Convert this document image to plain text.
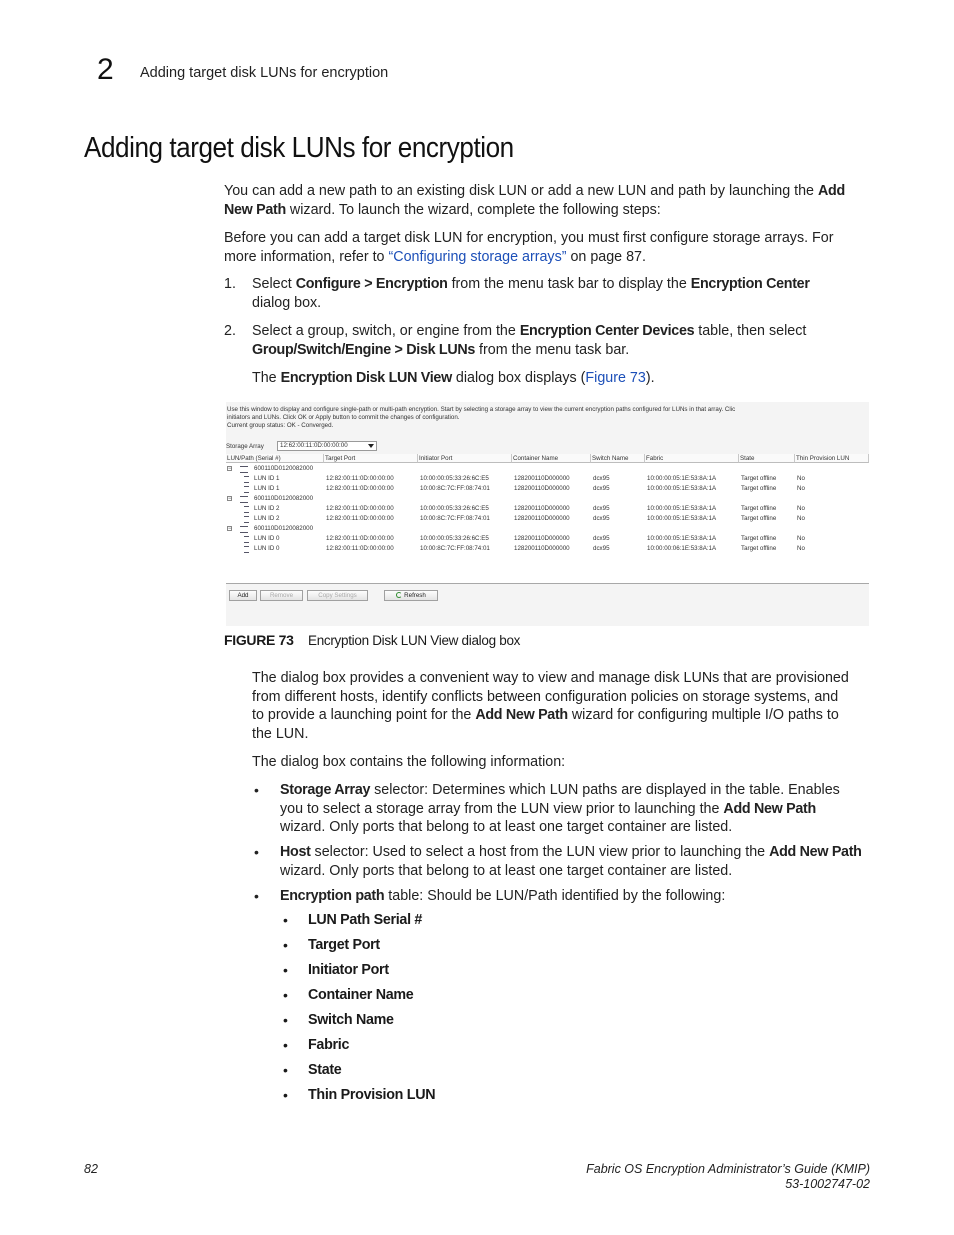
2 Adding target disk LUNs for encryption
Adding target disk LUNs for encryption
You can add a new path to an existing disk LUN or add a new LUN and path by launching the Add
New Path wizard. To launch the wizard, complete the following steps:
Before you can add a target disk LUN for encryption, you must first configure storage arrays. For
more information, refer to “Configuring storage arrays” on page 87.
1.	Select Configure > Encryption from the menu task bar to display the Encryption Center
dialog box.
2.	Select a group, switch, or engine from the Encryption Center Devices table, then select
Group/Switch/Engine > Disk LUNs from the menu task bar.
The Encryption Disk LUN View dialog box displays (Figure 73).
Use this window to display and configure single-path or multi-path encryption. Start by selecting a storage array to view the current encryption paths configured for LUNs in that array. Clic
initiators and LUNs. Click OK or Apply button to commit the changes of configuration.
Current group status: OK - Converged.
Storage Array	12:62:00:11:0D:00:00:00
LUN/Path (Serial #)	Target Port	Initiator Port	Container Name	Switch Name	Fabric	State	Thin Provision LUN
−	600110D0120082000
LUN ID 1	12:82:00:11:0D:00:00:00	10:00:00:05:33:26:6C:E5	128200110D000000	dcx95	10:00:00:05:1E:53:8A:1A	Target offline	No
LUN ID 1	12:82:00:11:0D:00:00:00	10:00:8C:7C:FF:08:74:01	128200110D000000	dcx95	10:00:00:05:1E:53:8A:1A	Target offline	No
−	600110D0120082000
LUN ID 2	12:82:00:11:0D:00:00:00	10:00:00:05:33:26:6C:E5	128200110D000000	dcx95	10:00:00:05:1E:53:8A:1A	Target offline	No
LUN ID 2	12:82:00:11:0D:00:00:00	10:00:8C:7C:FF:08:74:01	128200110D000000	dcx95	10:00:00:05:1E:53:8A:1A	Target offline	No
−	600110D0120082000
LUN ID 0	12:82:00:11:0D:00:00:00	10:00:00:05:33:26:6C:E5	128200110D000000	dcx95	10:00:00:05:1E:53:8A:1A	Target offline	No
LUN ID 0	12:82:00:11:0D:00:00:00	10:00:8C:7C:FF:08:74:01	128200110D000000	dcx95	10:00:00:06:1E:53:8A:1A	Target offline	No
Add	Remove	Copy Settings	Refresh
FIGURE 73 Encryption Disk LUN View dialog box
The dialog box provides a convenient way to view and manage disk LUNs that are provisioned
from different hosts, identify conflicts between configuration policies on storage systems, and
to provide a launching point for the Add New Path wizard for configuring multiple I/O paths to
the LUN.
The dialog box contains the following information:
• Storage Array selector: Determines which LUN paths are displayed in the table. Enables
you to select a storage array from the LUN view prior to launching the Add New Path
wizard. Only ports that belong to at least one target container are listed.
• Host selector: Used to select a host from the LUN view prior to launching the Add New Path
wizard. Only ports that belong to at least one target container are listed.
• Encryption path table: Should be LUN/Path identified by the following:
• LUN Path Serial #
• Target Port
• Initiator Port
• Container Name
• Switch Name
• Fabric
• State
• Thin Provision LUN
82	Fabric OS Encryption Administrator’s Guide (KMIP)
53-1002747-02
